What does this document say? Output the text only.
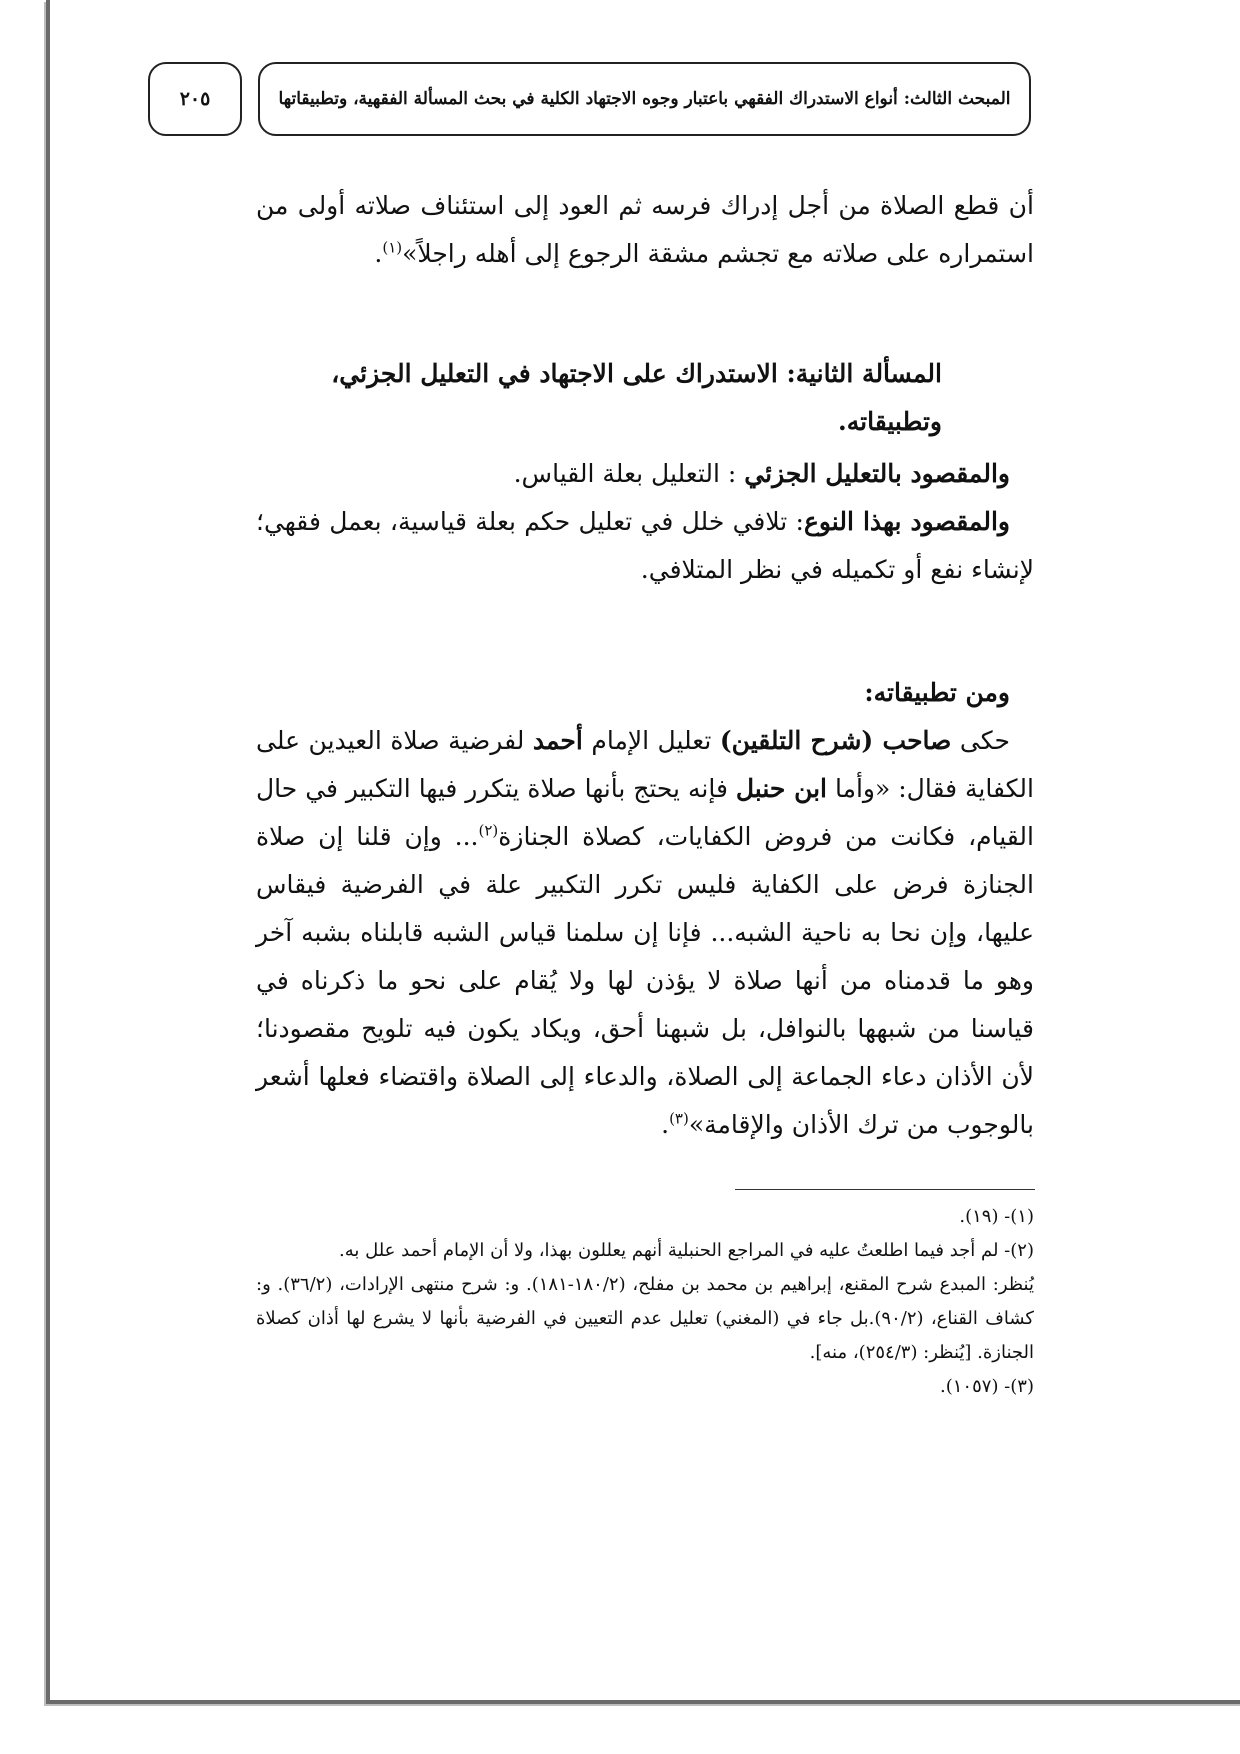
المبحث الثالث: أنواع الاستدراك الفقهي باعتبار وجوه الاجتهاد الكلية في بحث المسألة الفقهية، وتطبيقاتها
٢٠٥

أن قطع الصلاة من أجل إدراك فرسه ثم العود إلى استئناف صلاته أولى من استمراره على صلاته مع تجشم مشقة الرجوع إلى أهله راجلاً»$^{(١)}$.

المسألة الثانية: الاستدراك على الاجتهاد في التعليل الجزئي، وتطبيقاته.

والمقصود بالتعليل الجزئي : التعليل بعلة القياس.

والمقصود بهذا النوع: تلافي خلل في تعليل حكم بعلة قياسية، بعمل فقهي؛ لإنشاء نفع أو تكميله في نظر المتلافي.

ومن تطبيقاته:

حكى صاحب (شرح التلقين) تعليل الإمام أحمد لفرضية صلاة العيدين على الكفاية فقال: «وأما ابن حنبل فإنه يحتج بأنها صلاة يتكرر فيها التكبير في حال القيام، فكانت من فروض الكفايات، كصلاة الجنازة$^{(٢)}$... وإن قلنا إن صلاة الجنازة فرض على الكفاية فليس تكرر التكبير علة في الفرضية فيقاس عليها، وإن نحا به ناحية الشبه... فإنا إن سلمنا قياس الشبه قابلناه بشبه آخر وهو ما قدمناه من أنها صلاة لا يؤذن لها ولا يُقام على نحو ما ذكرناه في قياسنا من شبهها بالنوافل، بل شبهنا أحق، ويكاد يكون فيه تلويح مقصودنا؛ لأن الأذان دعاء الجماعة إلى الصلاة، والدعاء إلى الصلاة واقتضاء فعلها أشعر بالوجوب من ترك الأذان والإقامة»$^{(٣)}$.

(١)- (١٩).

(٢)- لم أجد فيما اطلعتُ عليه في المراجع الحنبلية أنهم يعللون بهذا، ولا أن الإمام أحمد علل به.

يُنظر: المبدع شرح المقنع، إبراهيم بن محمد بن مفلح، (١٨٠/٢-١٨١). و: شرح منتهى الإرادات، (٣٦/٢). و: كشاف القناع، (٩٠/٢).بل جاء في (المغني) تعليل عدم التعيين في الفرضية بأنها لا يشرع لها أذان كصلاة الجنازة. [يُنظر: (٢٥٤/٣)، منه].

(٣)- (١٠٥٧).
